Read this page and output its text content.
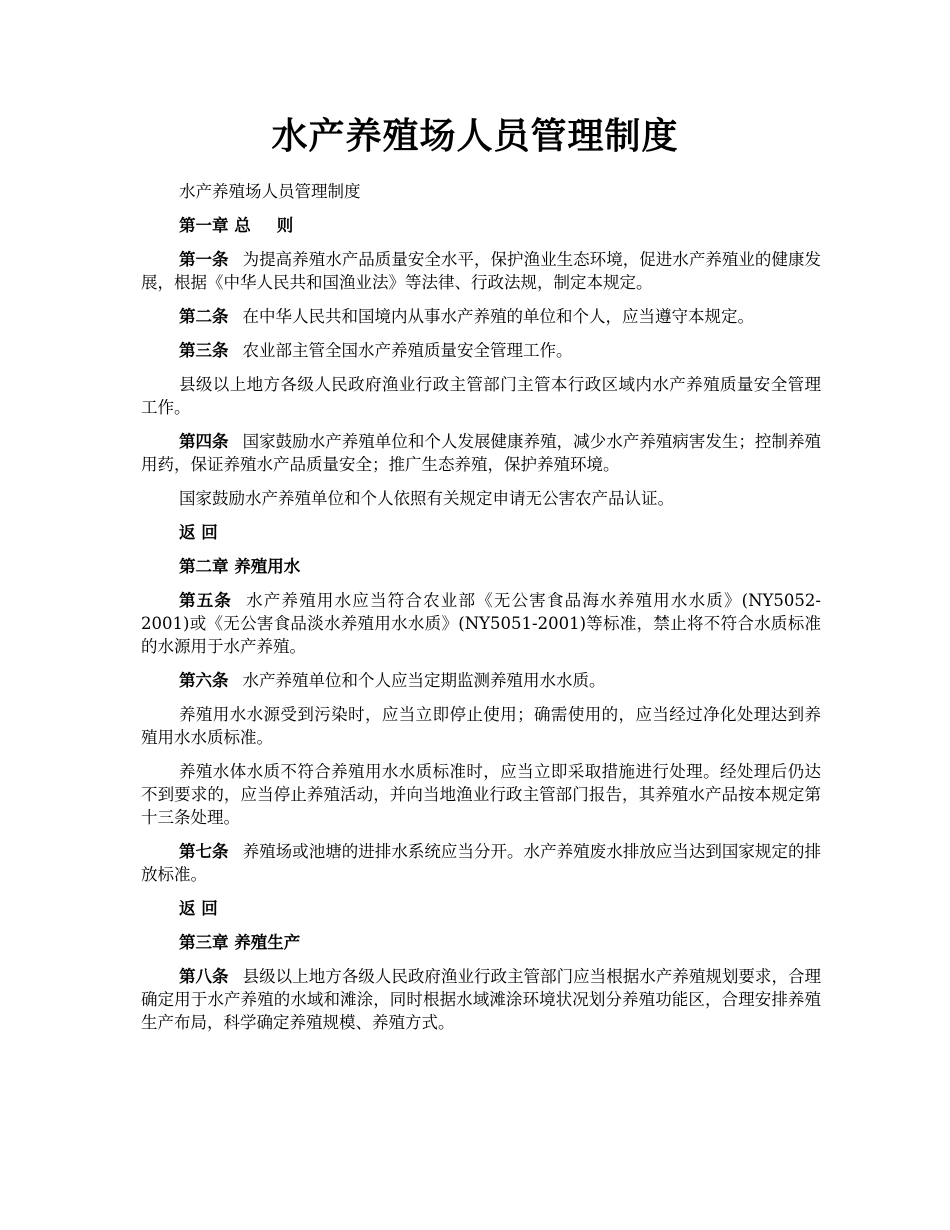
水产养殖场人员管理制度

水产养殖场人员管理制度

第一章 总 则

第一条 为提高养殖水产品质量安全水平，保护渔业生态环境，促进水产养殖业的健康发展，根据《中华人民共和国渔业法》等法律、行政法规，制定本规定。

第二条 在中华人民共和国境内从事水产养殖的单位和个人，应当遵守本规定。

第三条 农业部主管全国水产养殖质量安全管理工作。

县级以上地方各级人民政府渔业行政主管部门主管本行政区域内水产养殖质量安全管理工作。

第四条 国家鼓励水产养殖单位和个人发展健康养殖，减少水产养殖病害发生；控制养殖用药，保证养殖水产品质量安全；推广生态养殖，保护养殖环境。

国家鼓励水产养殖单位和个人依照有关规定申请无公害农产品认证。

返 回

第二章 养殖用水

第五条 水产养殖用水应当符合农业部《无公害食品海水养殖用水水质》(NY5052-2001)或《无公害食品淡水养殖用水水质》(NY5051-2001)等标准，禁止将不符合水质标准的水源用于水产养殖。

第六条 水产养殖单位和个人应当定期监测养殖用水水质。

养殖用水水源受到污染时，应当立即停止使用；确需使用的，应当经过净化处理达到养殖用水水质标准。

养殖水体水质不符合养殖用水水质标准时，应当立即采取措施进行处理。经处理后仍达不到要求的，应当停止养殖活动，并向当地渔业行政主管部门报告，其养殖水产品按本规定第十三条处理。

第七条 养殖场或池塘的进排水系统应当分开。水产养殖废水排放应当达到国家规定的排放标准。

返 回

第三章 养殖生产

第八条 县级以上地方各级人民政府渔业行政主管部门应当根据水产养殖规划要求，合理确定用于水产养殖的水域和滩涂，同时根据水域滩涂环境状况划分养殖功能区，合理安排养殖生产布局，科学确定养殖规模、养殖方式。
